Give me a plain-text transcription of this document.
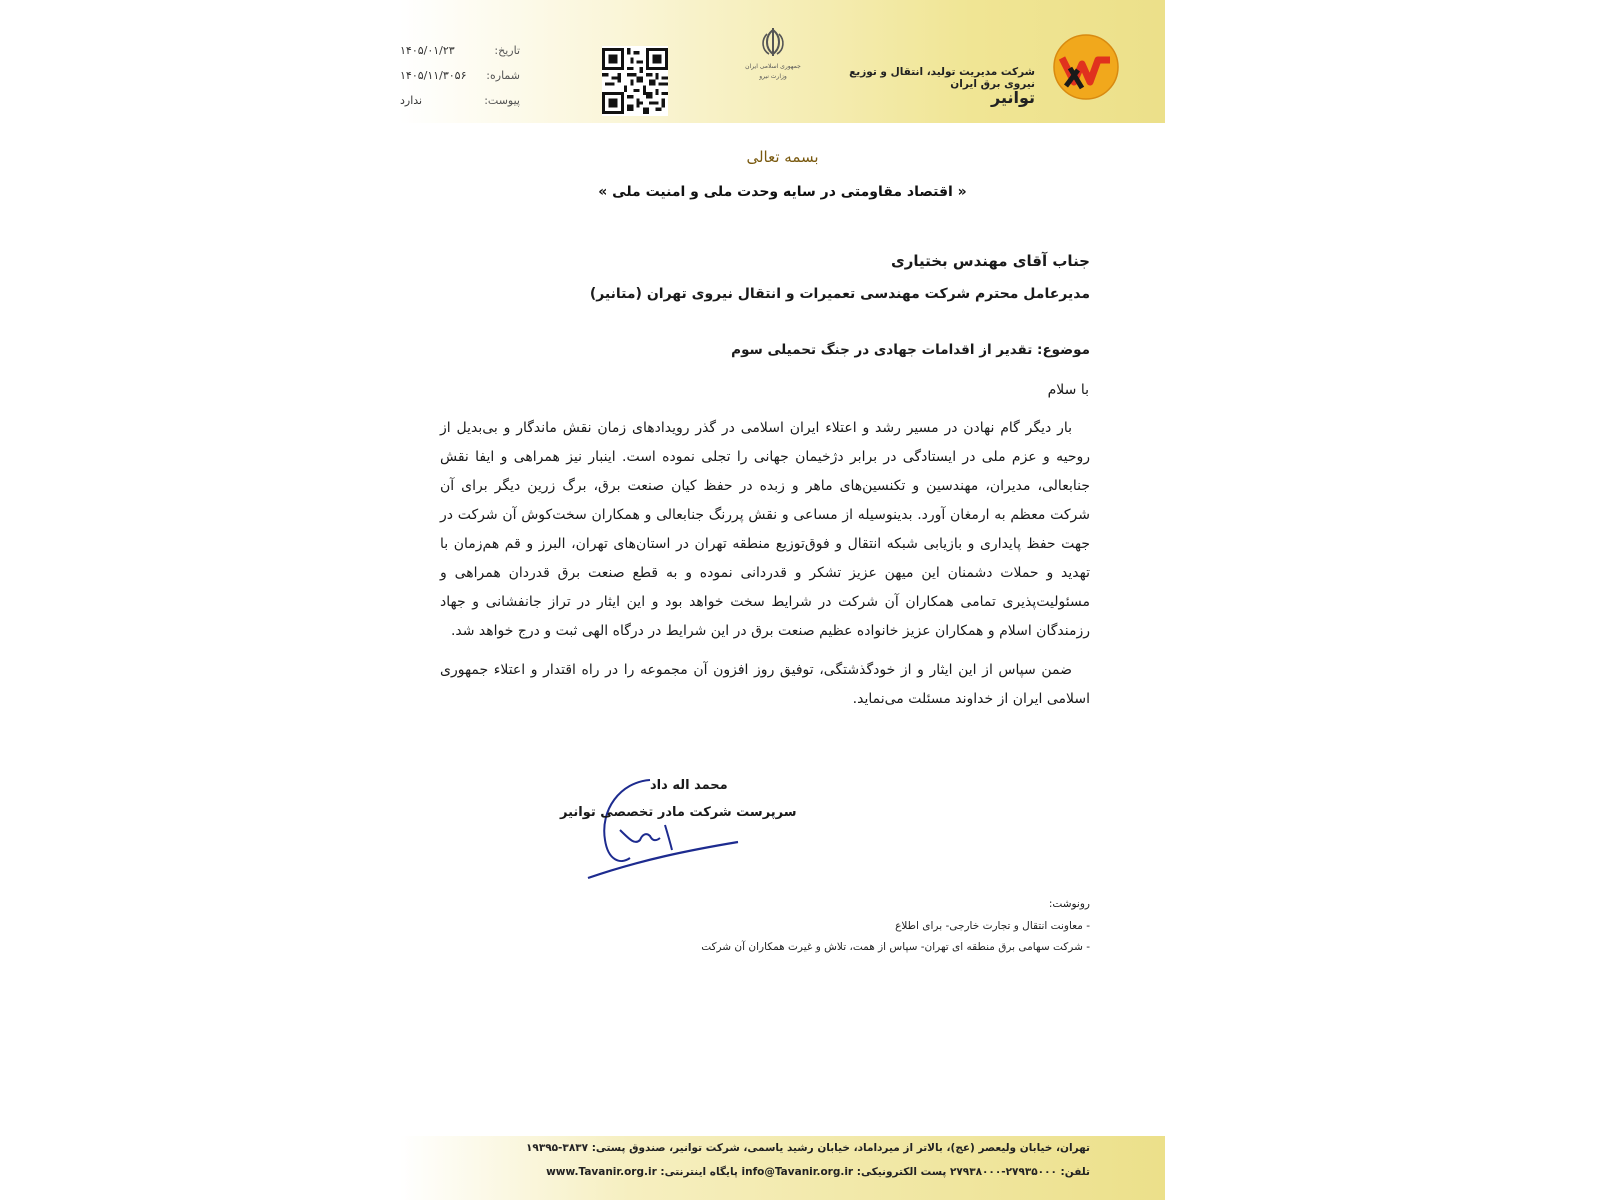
تاریخ:
۱۴۰۵/۰۱/۲۳
شماره:
۱۴۰۵/۱۱/۳۰۵۶
پیوست:
ندارد
جمهوری اسلامی ایران
وزارت نیرو	شرکت مدیریت تولید، انتقال و توزیع نیروی برق ایران
توانیر
بسمه تعالی
« اقتصاد مقاومتی در سایه وحدت ملی و امنیت ملی »
جناب آقای مهندس بختیاری
مدیرعامل محترم شرکت مهندسی تعمیرات و انتقال نیروی تهران (متانیر)
موضوع: تقدیر از اقدامات جهادی در جنگ تحمیلی سوم
با سلام

بار دیگر گام نهادن در مسیر رشد و اعتلاء ایران اسلامی در گذر رویدادهای زمان نقش ماندگار و بی‌بدیل از روحیه و عزم ملی در ایستادگی در برابر دژخیمان جهانی را تجلی نموده است. اینبار نیز همراهی و ایفا نقش جنابعالی، مدیران، مهندسین و تکنسین‌های ماهر و زبده در حفظ کیان صنعت برق، برگ زرین دیگر برای آن شرکت معظم به ارمغان آورد. بدینوسیله از مساعی و نقش پررنگ جنابعالی و همکاران سخت‌کوش آن شرکت در جهت حفظ پایداری و بازیابی شبکه انتقال و فوق‌توزیع منطقه تهران در استان‌های تهران، البرز و قم هم‌زمان با تهدید و حملات دشمنان این میهن عزیز تشکر و قدردانی نموده و به قطع صنعت برق قدردان همراهی و مسئولیت‌پذیری تمامی همکاران آن شرکت در شرایط سخت خواهد بود و این ایثار در تراز جانفشانی و جهاد رزمندگان اسلام و همکاران عزیز خانواده عظیم صنعت برق در این شرایط در درگاه الهی ثبت و درج خواهد شد.

ضمن سپاس از این ایثار و از خودگذشتگی، توفیق روز افزون آن مجموعه را در راه اقتدار و اعتلاء جمهوری اسلامی ایران از خداوند مسئلت می‌نماید.

محمد اله داد
سرپرست شرکت مادر تخصصی توانیر
رونوشت:
- معاونت انتقال و تجارت خارجی- برای اطلاع
- شرکت سهامی برق منطقه ای تهران- سپاس از همت، تلاش و غیرت همکاران آن شرکت
تهران، خیابان ولیعصر (عج)، بالاتر از میرداماد، خیابان رشید یاسمی، شرکت توانیر، صندوق پستی: ۳۸۳۷-۱۹۳۹۵
تلفن: ۲۷۹۳۵۰۰۰-۲۷۹۳۸۰۰۰ پست الکترونیکی: info@Tavanir.org.ir پایگاه اینترنتی: www.Tavanir.org.ir
